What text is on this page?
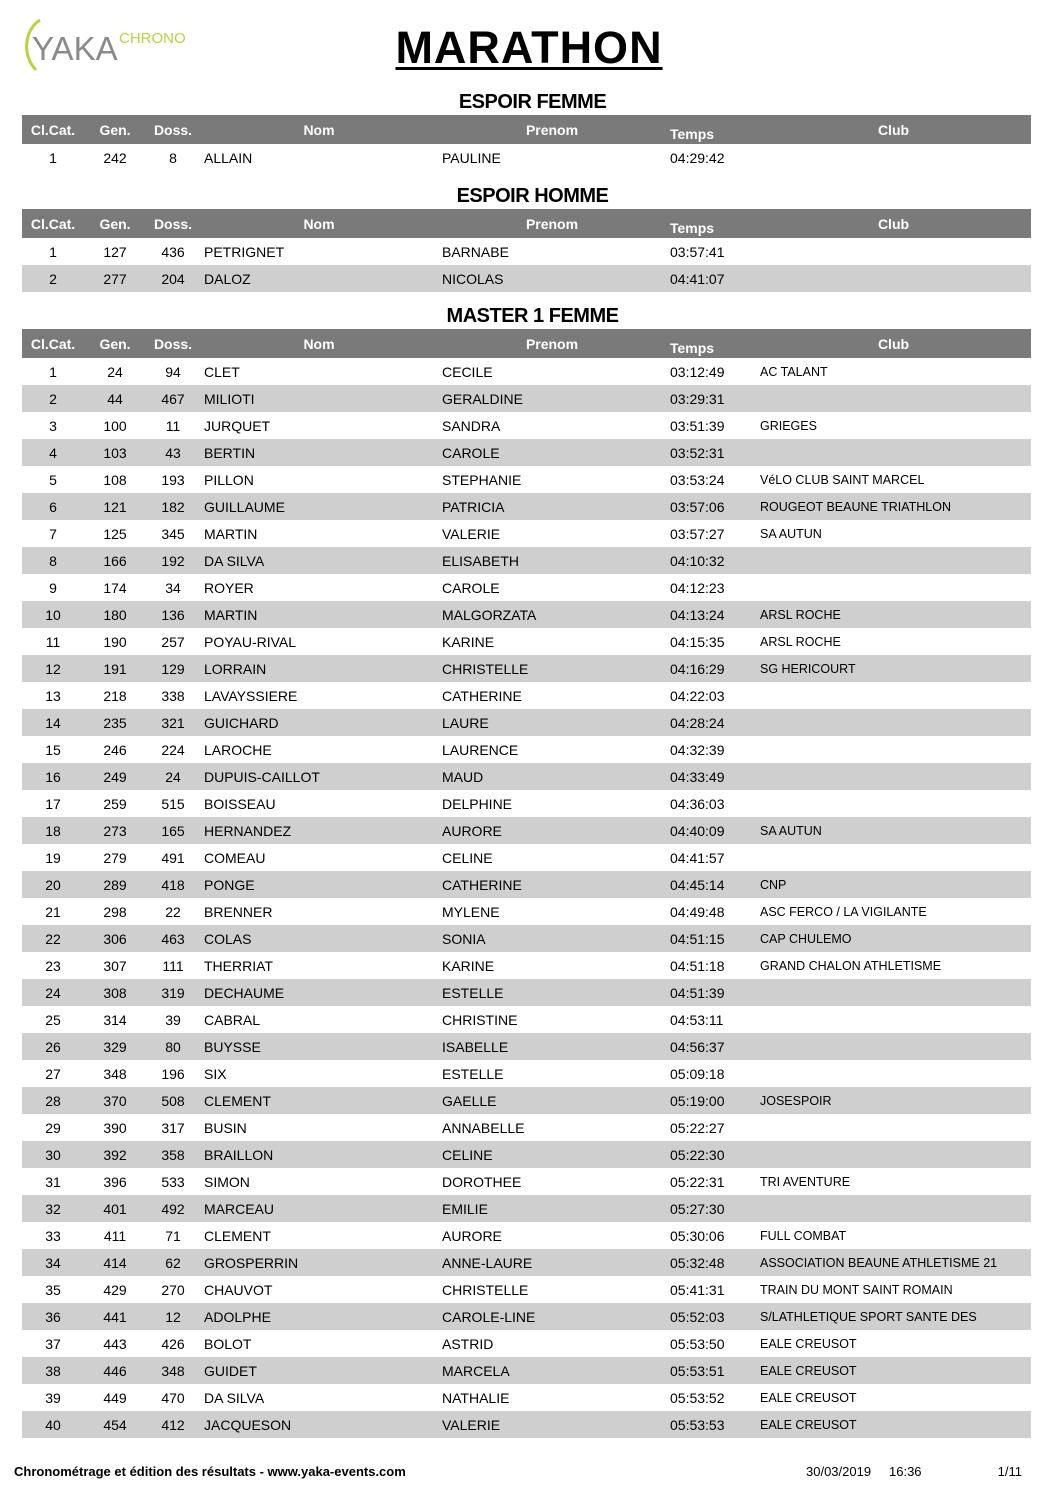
YAKA CHRONO	MARATHON
ESPOIR FEMME
Cl.Cat.	Gen.	Doss.	Nom	Prenom	Temps	Club
1	242	8	ALLAIN	PAULINE	04:29:42	
ESPOIR HOMME
Cl.Cat.	Gen.	Doss.	Nom	Prenom	Temps	Club
1	127	436	PETRIGNET	BARNABE	03:57:41	
2	277	204	DALOZ	NICOLAS	04:41:07	
MASTER 1 FEMME
Cl.Cat.	Gen.	Doss.	Nom	Prenom	Temps	Club
1	24	94	CLET	CECILE	03:12:49	AC TALANT
2	44	467	MILIOTI	GERALDINE	03:29:31	
3	100	11	JURQUET	SANDRA	03:51:39	GRIEGES
4	103	43	BERTIN	CAROLE	03:52:31	
5	108	193	PILLON	STEPHANIE	03:53:24	VéLO CLUB SAINT MARCEL
6	121	182	GUILLAUME	PATRICIA	03:57:06	ROUGEOT BEAUNE TRIATHLON
7	125	345	MARTIN	VALERIE	03:57:27	SA AUTUN
8	166	192	DA SILVA	ELISABETH	04:10:32	
9	174	34	ROYER	CAROLE	04:12:23	
10	180	136	MARTIN	MALGORZATA	04:13:24	ARSL ROCHE
11	190	257	POYAU-RIVAL	KARINE	04:15:35	ARSL ROCHE
12	191	129	LORRAIN	CHRISTELLE	04:16:29	SG HERICOURT
13	218	338	LAVAYSSIERE	CATHERINE	04:22:03	
14	235	321	GUICHARD	LAURE	04:28:24	
15	246	224	LAROCHE	LAURENCE	04:32:39	
16	249	24	DUPUIS-CAILLOT	MAUD	04:33:49	
17	259	515	BOISSEAU	DELPHINE	04:36:03	
18	273	165	HERNANDEZ	AURORE	04:40:09	SA AUTUN
19	279	491	COMEAU	CELINE	04:41:57	
20	289	418	PONGE	CATHERINE	04:45:14	CNP
21	298	22	BRENNER	MYLENE	04:49:48	ASC FERCO / LA VIGILANTE
22	306	463	COLAS	SONIA	04:51:15	CAP CHULEMO
23	307	111	THERRIAT	KARINE	04:51:18	GRAND CHALON ATHLETISME
24	308	319	DECHAUME	ESTELLE	04:51:39	
25	314	39	CABRAL	CHRISTINE	04:53:11	
26	329	80	BUYSSE	ISABELLE	04:56:37	
27	348	196	SIX	ESTELLE	05:09:18	
28	370	508	CLEMENT	GAELLE	05:19:00	JOSESPOIR
29	390	317	BUSIN	ANNABELLE	05:22:27	
30	392	358	BRAILLON	CELINE	05:22:30	
31	396	533	SIMON	DOROTHEE	05:22:31	TRI AVENTURE
32	401	492	MARCEAU	EMILIE	05:27:30	
33	411	71	CLEMENT	AURORE	05:30:06	FULL COMBAT
34	414	62	GROSPERRIN	ANNE-LAURE	05:32:48	ASSOCIATION BEAUNE ATHLETISME 21
35	429	270	CHAUVOT	CHRISTELLE	05:41:31	TRAIN DU MONT SAINT ROMAIN
36	441	12	ADOLPHE	CAROLE-LINE	05:52:03	S/LATHLETIQUE SPORT SANTE DES
37	443	426	BOLOT	ASTRID	05:53:50	EALE CREUSOT
38	446	348	GUIDET	MARCELA	05:53:51	EALE CREUSOT
39	449	470	DA SILVA	NATHALIE	05:53:52	EALE CREUSOT
40	454	412	JACQUESON	VALERIE	05:53:53	EALE CREUSOT
Chronométrage et édition des résultats - www.yaka-events.com	30/03/2019 16:36	1/11
